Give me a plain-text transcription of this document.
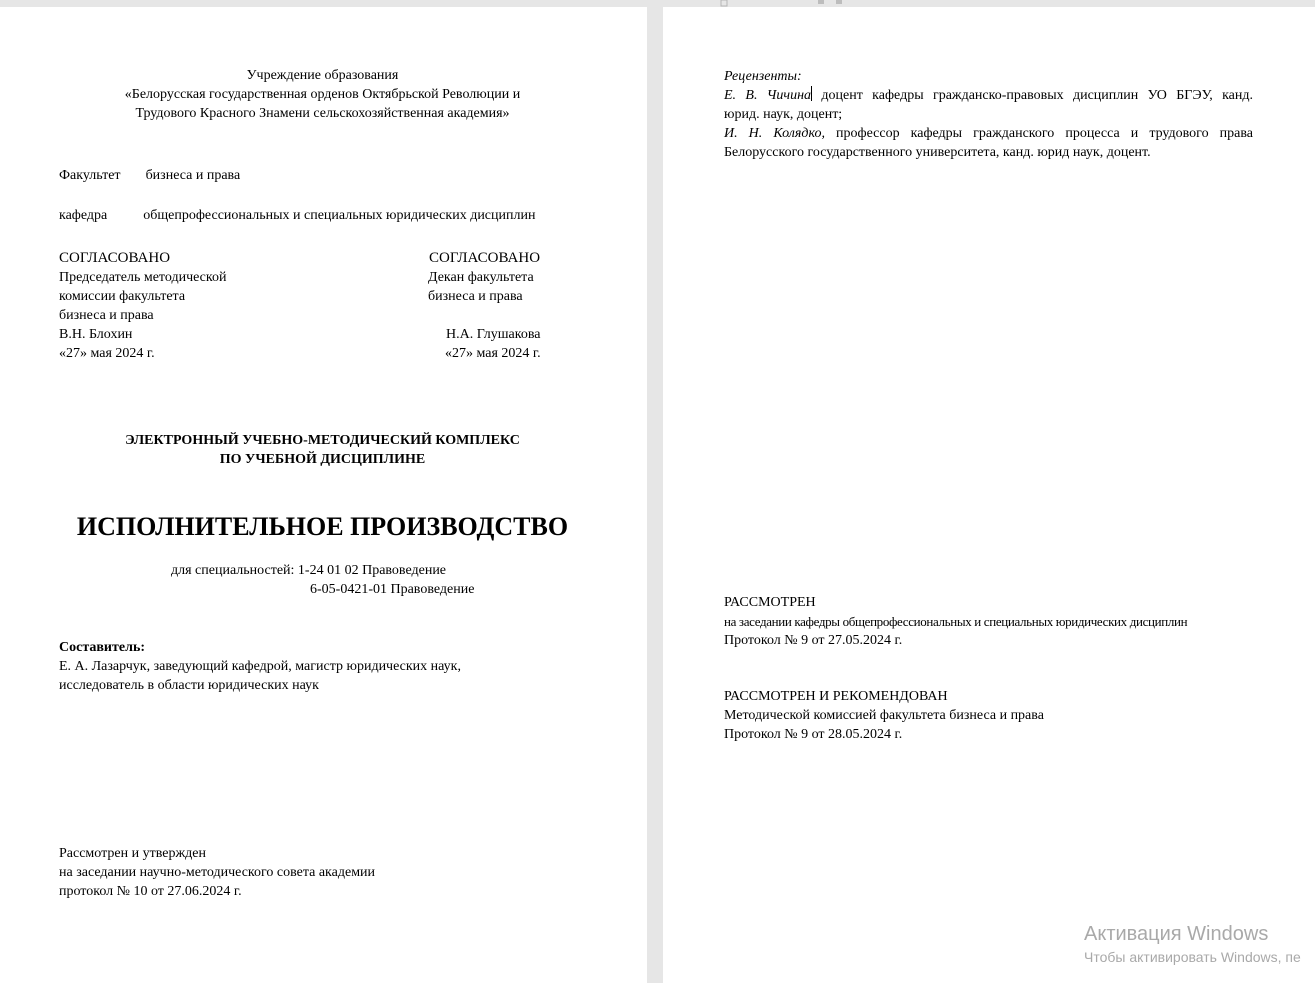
Учреждение образования
«Белорусская государственная орденов Октябрьской Революции и
Трудового Красного Знамени сельскохозяйственная академия»
Факультет бизнеса и права
кафедра	общепрофессиональных и специальных юридических дисциплин
СОГЛАСОВАНО
Председатель методической
комиссии факультета
бизнеса и права
В.Н. Блохин
«27» мая 2024 г.
СОГЛАСОВАНО
Декан факультета
бизнеса и права

Н.А. Глушакова
«27» мая 2024 г.
ЭЛЕКТРОННЫЙ УЧЕБНО-МЕТОДИЧЕСКИЙ КОМПЛЕКС
ПО УЧЕБНОЙ ДИСЦИПЛИНЕ
ИСПОЛНИТЕЛЬНОЕ ПРОИЗВОДСТВО
для специальностей: 1-24 01 02 Правоведение
6-05-0421-01 Правоведение
Составитель:
Е. А. Лазарчук, заведующий кафедрой, магистр юридических наук,
исследователь в области юридических наук
Рассмотрен и утвержден
на заседании научно-методического совета академии
протокол № 10 от 27.06.2024 г.
Рецензенты:
Е. В. Чичина доцент кафедры гражданско-правовых дисциплин УО БГЭУ, канд.
юрид. наук, доцент;
И. Н. Колядко, профессор кафедры гражданского процесса и трудового права
Белорусского государственного университета, канд. юрид наук, доцент.
РАССМОТРЕН
на заседании кафедры общепрофессиональных и специальных юридических дисциплин
Протокол № 9 от 27.05.2024 г.
РАССМОТРЕН И РЕКОМЕНДОВАН
Методической комиссией факультета бизнеса и права
Протокол № 9 от 28.05.2024 г.
Активация Windows
Чтобы активировать Windows, пе
